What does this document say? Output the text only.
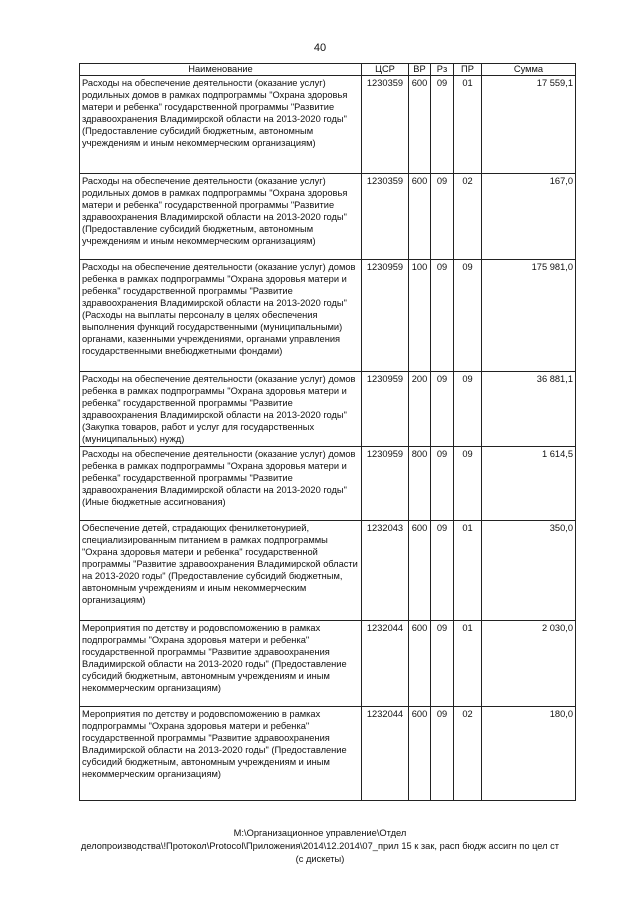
40
Наименование	ЦСР	ВР	Рз	ПР	Сумма
Расходы на обеспечение деятельности (оказание услуг) родильных домов в рамках подпрограммы "Охрана здоровья матери и ребенка" государственной программы "Развитие здравоохранения Владимирской области на 2013-2020 годы" (Предоставление субсидий бюджетным, автономным учреждениям и иным некоммерческим организациям)	1230359	600	09	01	17 559,1
Расходы на обеспечение деятельности (оказание услуг) родильных домов в рамках подпрограммы "Охрана здоровья матери и ребенка" государственной программы "Развитие здравоохранения Владимирской области на 2013-2020 годы" (Предоставление субсидий бюджетным, автономным учреждениям и иным некоммерческим организациям)	1230359	600	09	02	167,0
Расходы на обеспечение деятельности (оказание услуг) домов ребенка в рамках подпрограммы "Охрана здоровья матери и ребенка" государственной программы "Развитие здравоохранения Владимирской области на 2013-2020 годы" (Расходы на выплаты персоналу в целях обеспечения выполнения функций государственными (муниципальными) органами, казенными учреждениями, органами управления государственными внебюджетными фондами)	1230959	100	09	09	175 981,0
Расходы на обеспечение деятельности (оказание услуг) домов ребенка в рамках подпрограммы "Охрана здоровья матери и ребенка" государственной программы "Развитие здравоохранения Владимирской области на 2013-2020 годы" (Закупка товаров, работ и услуг для государственных (муниципальных) нужд)	1230959	200	09	09	36 881,1
Расходы на обеспечение деятельности (оказание услуг) домов ребенка в рамках подпрограммы "Охрана здоровья матери и ребенка" государственной программы "Развитие здравоохранения Владимирской области на 2013-2020 годы" (Иные бюджетные ассигнования)	1230959	800	09	09	1 614,5
Обеспечение детей, страдающих фенилкетонурией, специализированным питанием в рамках подпрограммы "Охрана здоровья матери и ребенка" государственной программы "Развитие здравоохранения Владимирской области на 2013-2020 годы" (Предоставление субсидий бюджетным, автономным учреждениям и иным некоммерческим организациям)	1232043	600	09	01	350,0
Мероприятия по детству и родовспоможению в рамках подпрограммы "Охрана здоровья матери и ребенка" государственной программы "Развитие здравоохранения Владимирской области на 2013-2020 годы" (Предоставление субсидий бюджетным, автономным учреждениям и иным некоммерческим организациям)	1232044	600	09	01	2 030,0
Мероприятия по детству и родовспоможению в рамках подпрограммы "Охрана здоровья матери и ребенка" государственной программы "Развитие здравоохранения Владимирской области на 2013-2020 годы" (Предоставление субсидий бюджетным, автономным учреждениям и иным некоммерческим организациям)	1232044	600	09	02	180,0
М:\Организационное управление\Отдел
делопроизводства\!Протокол\Protocol\Приложения\2014\12.2014\07_прил 15 к зак, расп бюдж ассигн по цел ст
(с дискеты)
